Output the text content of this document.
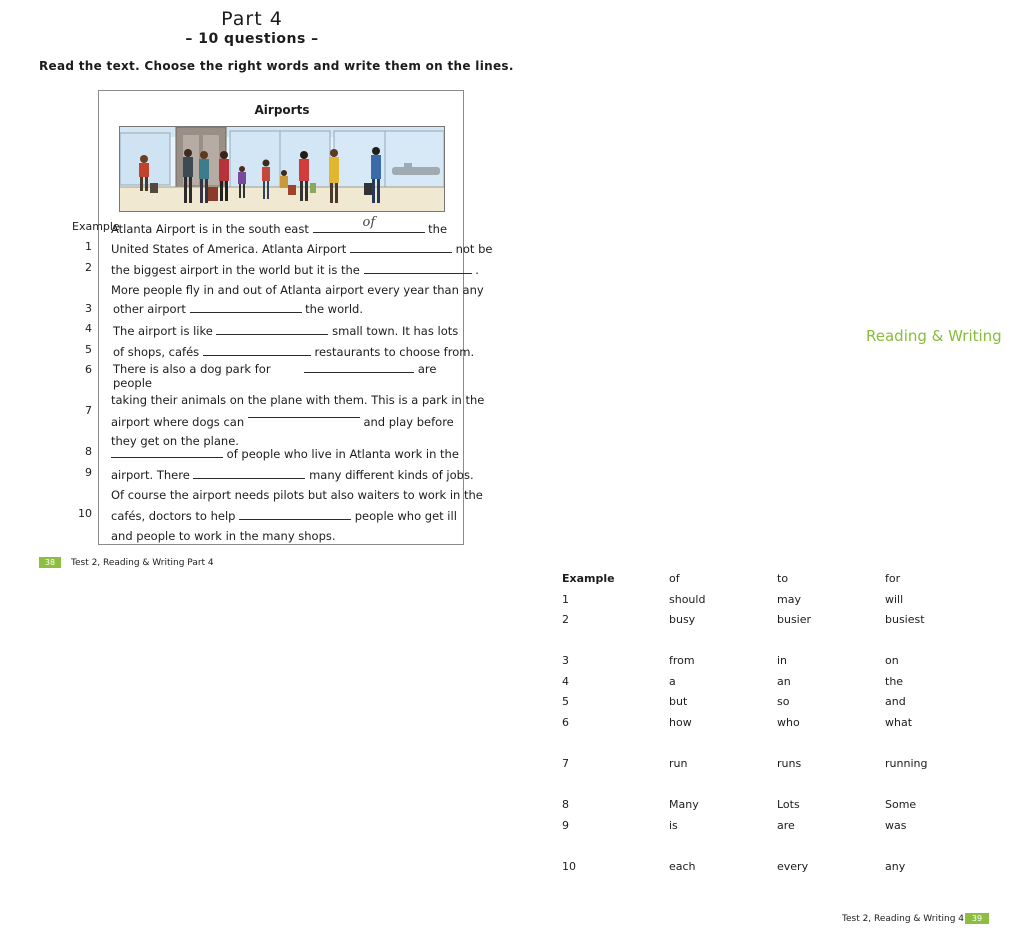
Part 4
– 10 questions –
Read the text. Choose the right words and write them on the lines.
Airports
Example
Atlanta Airport is in the south east	of	the
1 United States of America. Atlanta Airport	not be
2 the biggest airport in the world but it is the	.
More people fly in and out of Atlanta airport every year than any
3 other airport	the world.
4 The airport is like	small town. It has lots
5 of shops, cafés	restaurants to choose from.
6 There is also a dog park for	are
people
taking their animals on the plane with them. This is a park in the
7
airport where dogs can	and play before
they get on the plane.
8	of people who live in Atlanta work in the
9 airport. There	many different kinds of jobs.
Of course the airport needs pilots but also waiters to work in the
10 cafés, doctors to help	people who get ill
and people to work in the many shops.
38	Test 2, Reading & Writing Part 4
Reading & Writing
Example	of	to	for
1	should	may	will
2	busy	busier	busiest
3	from	in	on
4	a	an	the
5	but	so	and
6	how	who	what
7	run	runs	running
8	Many	Lots	Some
9	is	are	was
10	each	every	any
Test 2, Reading & Writing 4 39
